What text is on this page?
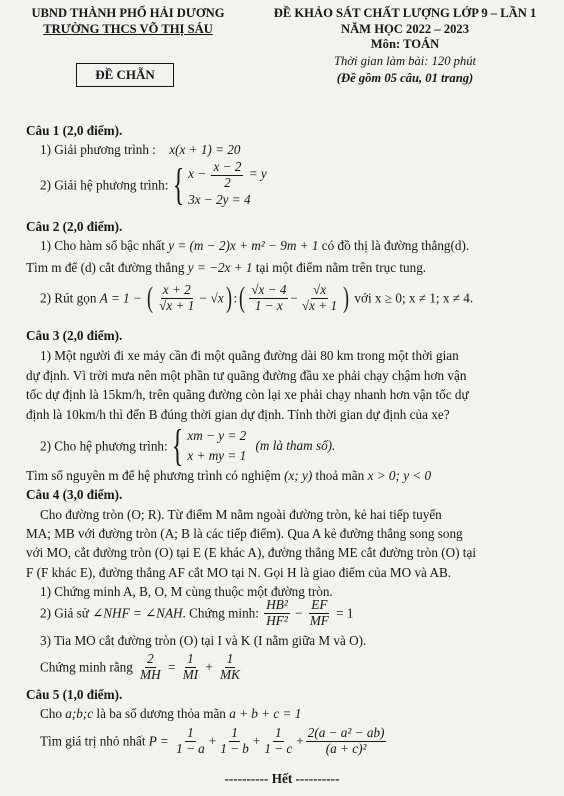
UBND THÀNH PHỐ HẢI DƯƠNG
TRƯỜNG THCS VÕ THỊ SÁU
ĐỀ CHẴN
ĐỀ KHẢO SÁT CHẤT LƯỢNG LỚP 9 – LẦN 1
NĂM HỌC 2022 – 2023
Môn: TOÁN
Thời gian làm bài: 120 phút
(Đề gồm 05 câu, 01 trang)
Câu 1 (2,0 điểm).
1) Giải phương trình : x(x + 1) = 20
2) Giải hệ phương trình: { $x - \frac{x - 2}{2} = y$
3x − 2y = 4
Câu 2 (2,0 điểm).
1) Cho hàm số bậc nhất y = (m − 2)x + m² − 9m + 1 có đồ thị là đường thẳng(d).
Tìm m để (d) cắt đường thẳng y = −2x + 1 tại một điểm nằm trên trục tung.
2) Rút gọn A = 1 − ( $\frac{x + 2}{√x + 1} - √x$) :( $\frac{√x - 4}{1 - x} - \frac{√x}{√x + 1}$ ) với x ≥ 0; x ≠ 1; x ≠ 4.
Câu 3 (2,0 điểm).
1) Một người đi xe máy cần đi một quãng đường dài 80 km trong một thời gian
dự định. Vì trời mưa nên một phần tư quãng đường đầu xe phải chạy chậm hơn vận
tốc dự định là 15km/h, trên quãng đường còn lại xe phải chạy nhanh hơn vận tốc dự
định là 10km/h thì đến B đúng thời gian dự định. Tính thời gian dự định của xe?
2) Cho hệ phương trình: { xm − y = 2
x + my = 1
(m là tham số).
Tìm số nguyên m để hệ phương trình có nghiệm (x; y) thoả mãn x > 0; y < 0
Câu 4 (3,0 điểm).
Cho đường tròn (O; R). Từ điểm M nằm ngoài đường tròn, kẻ hai tiếp tuyến
MA; MB với đường tròn (A; B là các tiếp điểm). Qua A kẻ đường thẳng song song
với MO, cắt đường tròn (O) tại E (E khác A), đường thẳng ME cắt đường tròn (O) tại
F (F khác E), đường thẳng AF cắt MO tại N. Gọi H là giao điểm của MO và AB.
1) Chứng minh A, B, O, M cùng thuộc một đường tròn.
2) Giả sử ∠NHF = ∠NAH. Chứng minh: $\frac{\text{HB²}}{\text{HF²}} - \frac{EF}{MF} = 1$
3) Tia MO cắt đường tròn (O) tại I và K (I nằm giữa M và O).
Chứng minh rằng $\frac{2}{MH} = \frac{1}{MI} + \frac{1}{MK}$
Câu 5 (1,0 điểm).
Cho a;b;c là ba số dương thỏa mãn a + b + c = 1
Tìm giá trị nhỏ nhất $P = \frac{1}{1 - a} + \frac{1}{1 - b} + \frac{1}{1 - c} + \frac{\text{2(a − a² − ab)}}{\text{(a + c)²}}$
---------- Hết ----------
